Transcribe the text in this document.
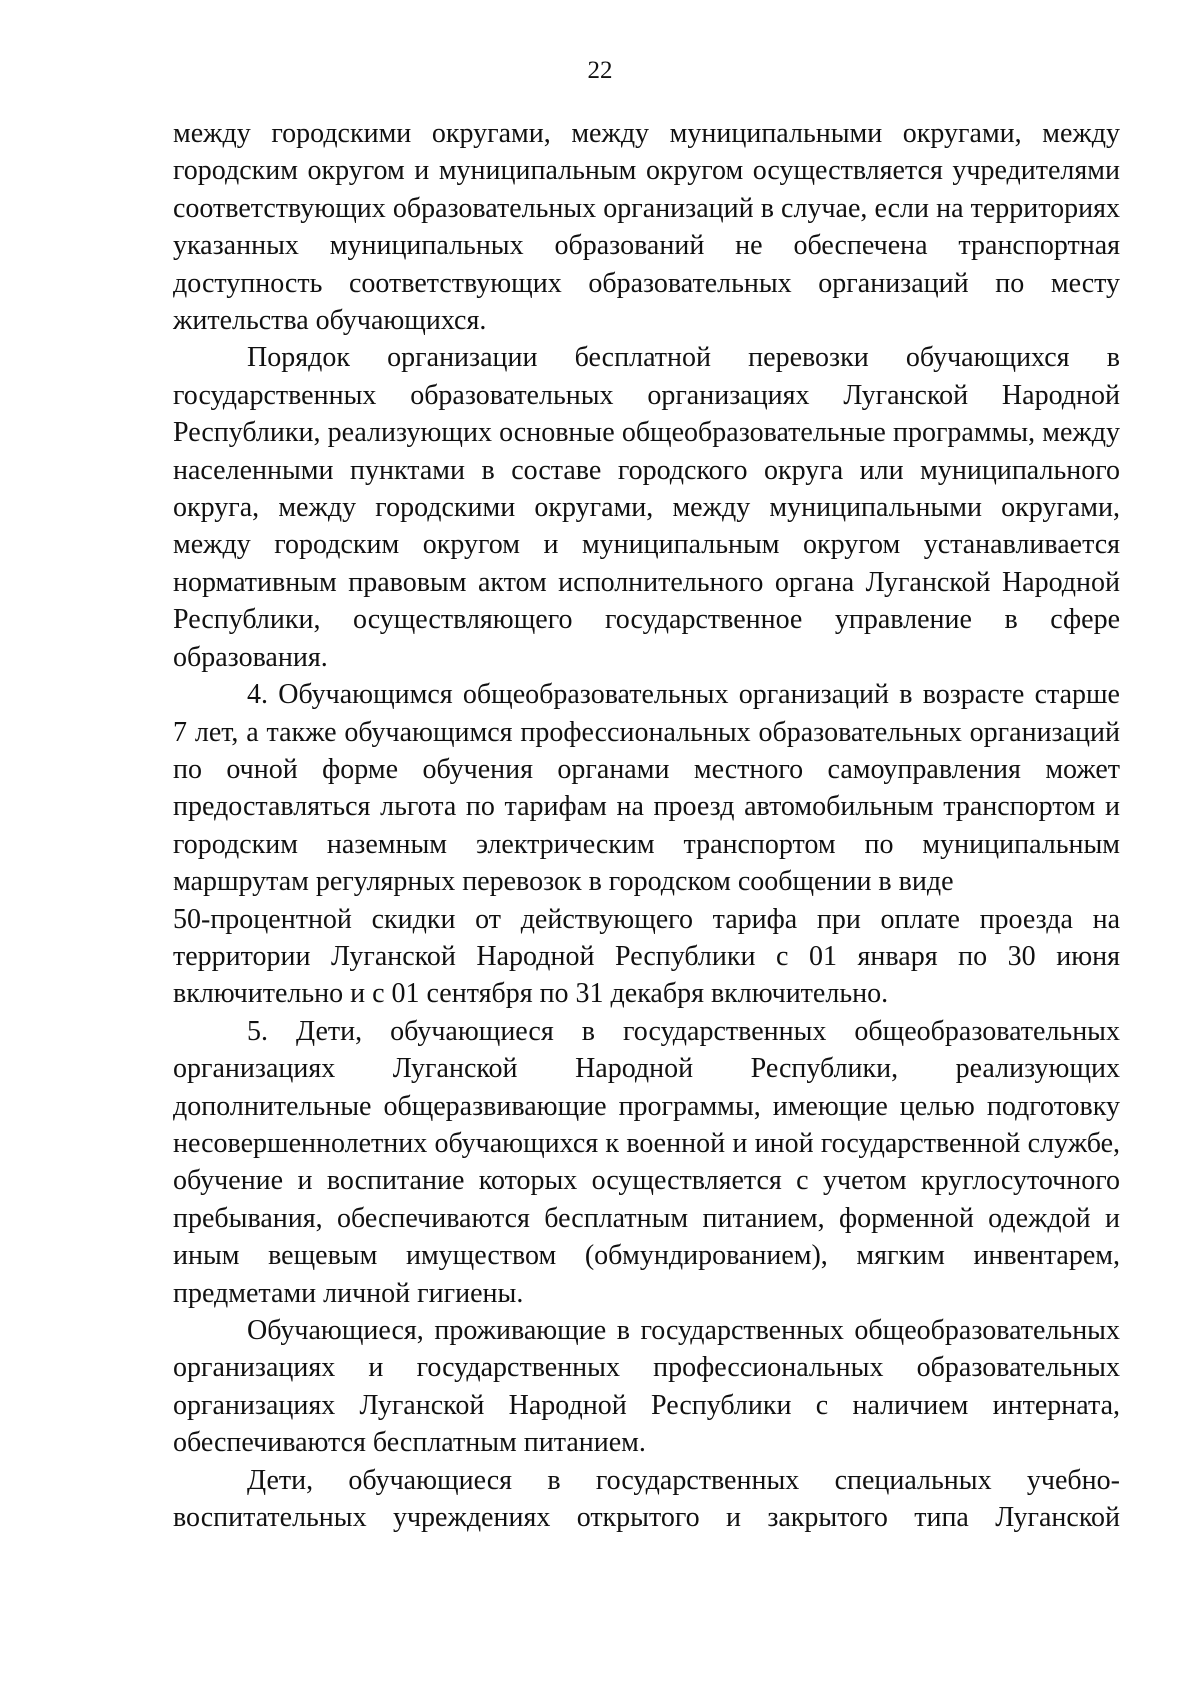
22

между городскими округами, между муниципальными округами, между городским округом и муниципальным округом осуществляется учредителями соответствующих образовательных организаций в случае, если на территориях указанных муниципальных образований не обеспечена транспортная доступность соответствующих образовательных организаций по месту жительства обучающихся.

Порядок организации бесплатной перевозки обучающихся в государственных образовательных организациях Луганской Народной Республики, реализующих основные общеобразовательные программы, между населенными пунктами в составе городского округа или муниципального округа, между городскими округами, между муниципальными округами, между городским округом и муниципальным округом устанавливается нормативным правовым актом исполнительного органа Луганской Народной Республики, осуществляющего государственное управление в сфере образования.

4. Обучающимся общеобразовательных организаций в возрасте старше 7 лет, а также обучающимся профессиональных образовательных организаций по очной форме обучения органами местного самоуправления может предоставляться льгота по тарифам на проезд автомобильным транспортом и городским наземным электрическим транспортом по муниципальным маршрутам регулярных перевозок в городском сообщении в виде

50-процентной скидки от действующего тарифа при оплате проезда на территории Луганской Народной Республики с 01 января по 30 июня включительно и с 01 сентября по 31 декабря включительно.

5. Дети, обучающиеся в государственных общеобразовательных организациях Луганской Народной Республики, реализующих дополнительные общеразвивающие программы, имеющие целью подготовку несовершеннолетних обучающихся к военной и иной государственной службе, обучение и воспитание которых осуществляется с учетом круглосуточного пребывания, обеспечиваются бесплатным питанием, форменной одеждой и иным вещевым имуществом (обмундированием), мягким инвентарем, предметами личной гигиены.

Обучающиеся, проживающие в государственных общеобразовательных организациях и государственных профессиональных образовательных организациях Луганской Народной Республики с наличием интерната, обеспечиваются бесплатным питанием.

Дети, обучающиеся в государственных специальных учебно-воспитательных учреждениях открытого и закрытого типа Луганской
